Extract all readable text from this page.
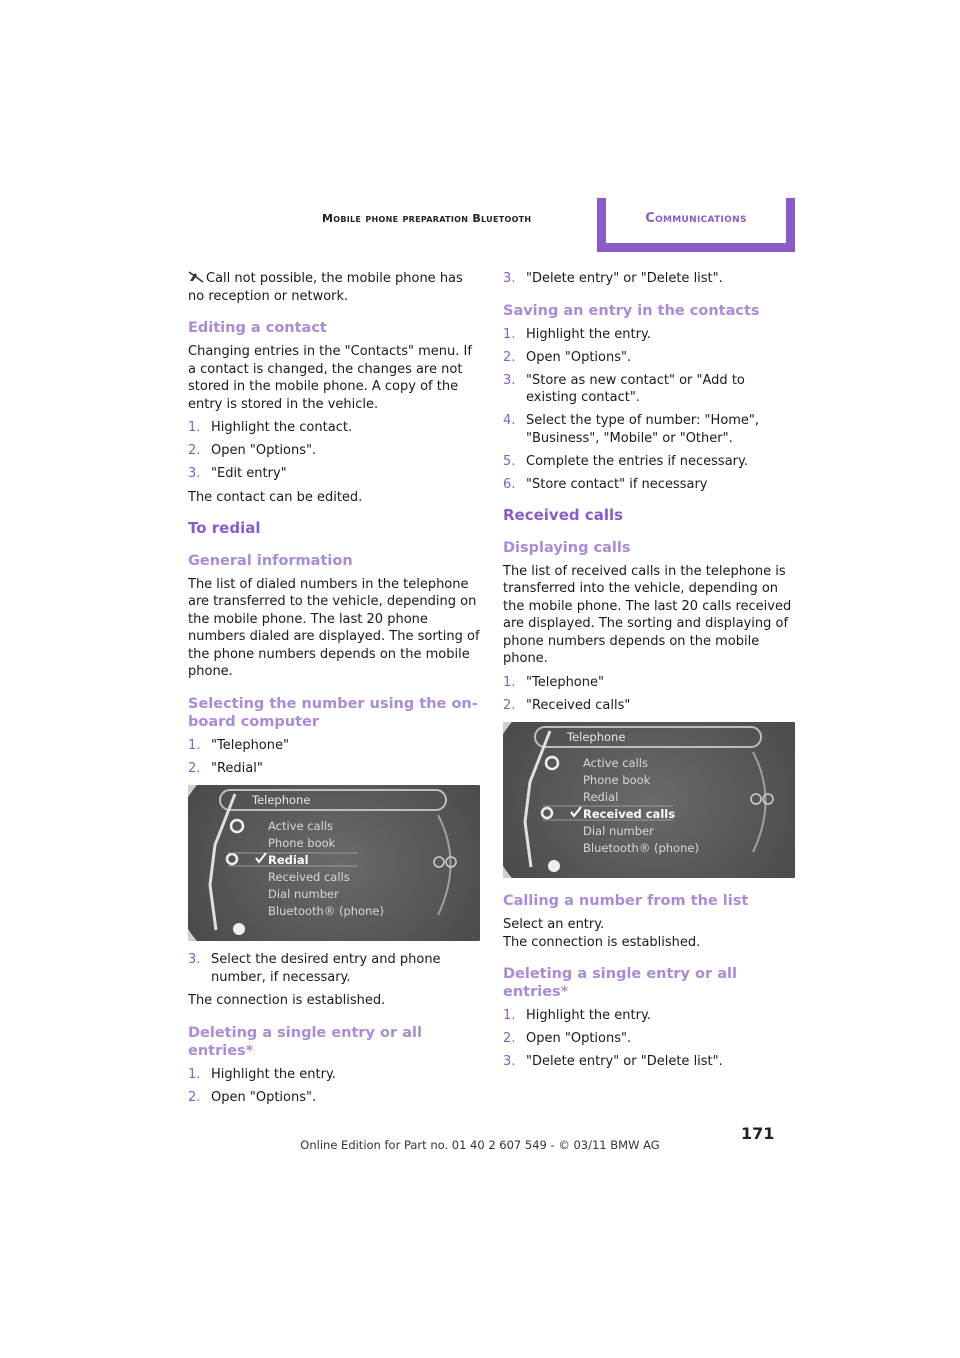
Mobile phone preparation Bluetooth	Communications

Call not possible, the mobile phone has no reception or network.

Editing a contact

Changing entries in the "Contacts" menu. If a contact is changed, the changes are not stored in the mobile phone. A copy of the entry is stored in the vehicle.

1. Highlight the contact.
2. Open "Options".
3. "Edit entry"

The contact can be edited.

To redial
General information

The list of dialed numbers in the telephone are transferred to the vehicle, depending on the mobile phone. The last 20 phone numbers dialed are displayed. The sorting of the phone numbers depends on the mobile phone.

Selecting the number using the on-board computer
1. "Telephone"
2. "Redial"
Telephone
Active calls
Phone book
Redial
Received calls
Dial number
Bluetooth® (phone)
3. Select the desired entry and phone number, if necessary.

The connection is established.

Deleting a single entry or all entries*
1. Highlight the entry.
2. Open "Options".
3. "Delete entry" or "Delete list".
Saving an entry in the contacts
1. Highlight the entry.
2. Open "Options".
3. "Store as new contact" or "Add to existing contact".
4. Select the type of number: "Home", "Business", "Mobile" or "Other".
5. Complete the entries if necessary.
6. "Store contact" if necessary
Received calls
Displaying calls

The list of received calls in the telephone is transferred into the vehicle, depending on the mobile phone. The last 20 calls received are displayed. The sorting and displaying of phone numbers depends on the mobile phone.

1. "Telephone"
2. "Received calls"
Telephone
Active calls
Phone book
Redial
Received calls
Dial number
Bluetooth® (phone)
Calling a number from the list

Select an entry.

The connection is established.

Deleting a single entry or all entries*
1. Highlight the entry.
2. Open "Options".
3. "Delete entry" or "Delete list".
171
Online Edition for Part no. 01 40 2 607 549 - © 03/11 BMW AG
